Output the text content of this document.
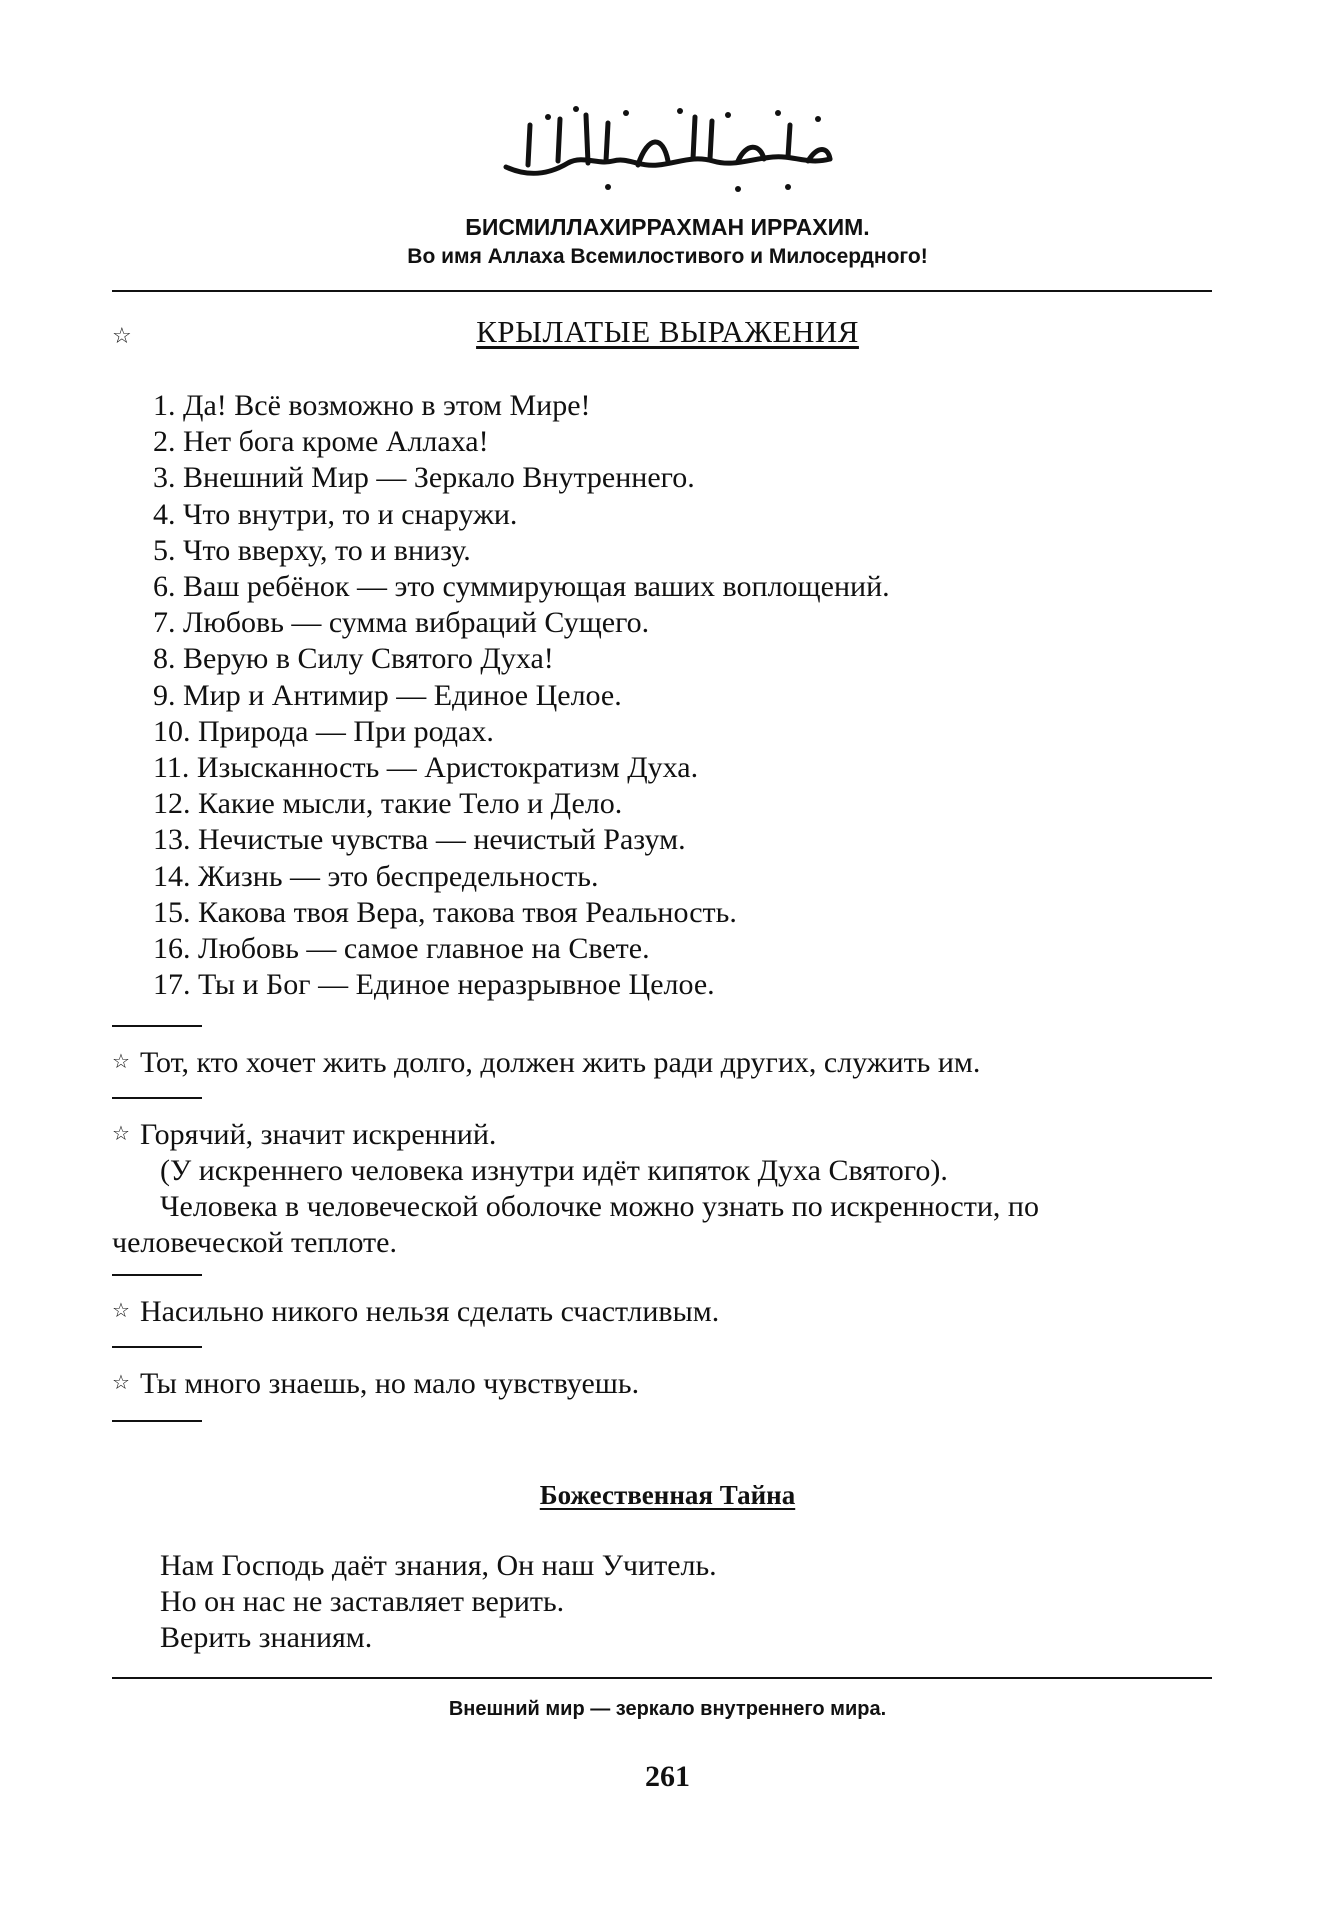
БИСМИЛЛАХИРРАХМАН ИРРАХИМ.
Во имя Аллаха Всемилостивого и Милосердного!
☆	КРЫЛАТЫЕ ВЫРАЖЕНИЯ
1. Да! Всё возможно в этом Мире!
2. Нет бога кроме Аллаха!
3. Внешний Мир — Зеркало Внутреннего.
4. Что внутри, то и снаружи.
5. Что вверху, то и внизу.
6. Ваш ребёнок — это суммирующая ваших воплощений.
7. Любовь — сумма вибраций Сущего.
8. Верую в Силу Святого Духа!
9. Мир и Антимир — Единое Целое.
10. Природа — При родах.
11. Изысканность — Аристократизм Духа.
12. Какие мысли, такие Тело и Дело.
13. Нечистые чувства — нечистый Разум.
14. Жизнь — это беспредельность.
15. Какова твоя Вера, такова твоя Реальность.
16. Любовь — самое главное на Свете.
17. Ты и Бог — Единое неразрывное Целое.
☆ Тот, кто хочет жить долго, должен жить ради других, служить им.
☆ Горячий, значит искренний.
(У искреннего человека изнутри идёт кипяток Духа Святого).
Человека в человеческой оболочке можно узнать по искренности, по
человеческой теплоте.
☆ Насильно никого нельзя сделать счастливым.
☆ Ты много знаешь, но мало чувствуешь.
Божественная Тайна
Нам Господь даёт знания, Он наш Учитель.
Но он нас не заставляет верить.
Верить знаниям.
Внешний мир — зеркало внутреннего мира.
261
